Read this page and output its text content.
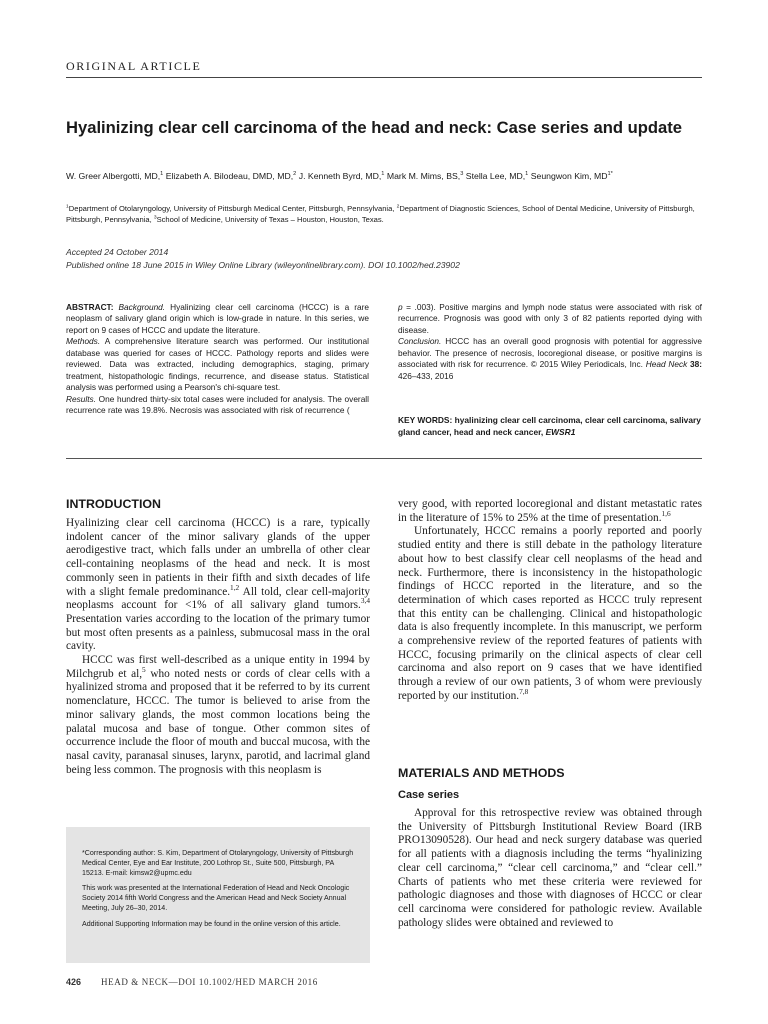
ORIGINAL ARTICLE
Hyalinizing clear cell carcinoma of the head and neck: Case series and update
W. Greer Albergotti, MD,$^1$ Elizabeth A. Bilodeau, DMD, MD,$^2$ J. Kenneth Byrd, MD,$^1$ Mark M. Mims, BS,$^3$ Stella Lee, MD,$^1$ Seungwon Kim, $MD^{1*}$
$^1$Department of Otolaryngology, University of Pittsburgh Medical Center, Pittsburgh, Pennsylvania, $^2$Department of Diagnostic Sciences, School of Dental Medicine, University of Pittsburgh, Pittsburgh, Pennsylvania, $^3$School of Medicine, University of Texas – Houston, Houston, Texas.
Accepted 24 October 2014
Published online 18 June 2015 in Wiley Online Library (wileyonlinelibrary.com). DOI 10.1002/hed.23902
ABSTRACT: Background. Hyalinizing clear cell carcinoma (HCCC) is a rare neoplasm of salivary gland origin which is low-grade in nature. In this series, we report on 9 cases of HCCC and update the literature.
Methods. A comprehensive literature search was performed. Our institutional database was queried for cases of HCCC. Pathology reports and slides were reviewed. Data was extracted, including demographics, staging, primary treatment, histopathologic findings, recurrence, and disease status. Statistical analysis was performed using a Pearson's chi-square test.
Results. One hundred thirty-six total cases were included for analysis. The overall recurrence rate was 19.8%. Necrosis was associated with risk of recurrence (
p = .003). Positive margins and lymph node status were associated with risk of recurrence. Prognosis was good with only 3 of 82 patients reported dying with disease.
Conclusion. HCCC has an overall good prognosis with potential for aggressive behavior. The presence of necrosis, locoregional disease, or positive margins is associated with risk for recurrence. © 2015 Wiley Periodicals, Inc. Head Neck 38: 426–433, 2016
KEY WORDS: hyalinizing clear cell carcinoma, clear cell carcinoma, salivary gland cancer, head and neck cancer, EWSR1
INTRODUCTION

Hyalinizing clear cell carcinoma (HCCC) is a rare, typically indolent cancer of the minor salivary glands of the upper aerodigestive tract, which falls under an umbrella of other clear cell-containing neoplasms of the head and neck. It is most commonly seen in patients in their fifth and sixth decades of life with a slight female predominance.$^{1,2}$ All told, clear cell-majority neoplasms account for <1% of all salivary gland tumors.$^{3,4}$ Presentation varies according to the location of the primary tumor but most often presents as a painless, submucosal mass in the oral cavity.

HCCC was first well-described as a unique entity in 1994 by Milchgrub et al,$^5$ who noted nests or cords of clear cells with a hyalinized stroma and proposed that it be referred to by its current nomenclature, HCCC. The tumor is believed to arise from the minor salivary glands, the most common locations being the palatal mucosa and base of tongue. Other common sites of occurrence include the floor of mouth and buccal mucosa, with the nasal cavity, paranasal sinuses, larynx, parotid, and lacrimal gland being less common. The prognosis with this neoplasm is

very good, with reported locoregional and distant metastatic rates in the literature of 15% to 25% at the time of presentation.$^{1,6}$

Unfortunately, HCCC remains a poorly reported and poorly studied entity and there is still debate in the pathology literature about how to best classify clear cell neoplasms of the head and neck. Furthermore, there is inconsistency in the histopathologic findings of HCCC reported in the literature, and so the determination of which cases reported as HCCC truly represent that this entity can be challenging. Clinical and histopathologic data is also frequently incomplete. In this manuscript, we perform a comprehensive review of the reported features of patients with HCCC, focusing primarily on the clinical aspects of clear cell carcinoma and also report on 9 cases that we have identified through a review of our own patients, 3 of whom were previously reported by our institution.$^{7,8}$

MATERIALS AND METHODS
Case series

Approval for this retrospective review was obtained through the University of Pittsburgh Institutional Review Board (IRB PRO13090528). Our head and neck surgery database was queried for all patients with a diagnosis including the terms “hyalinizing clear cell carcinoma,” “clear cell carcinoma,” and “clear cell.” Charts of patients who met these criteria were reviewed for pathologic diagnoses and those with diagnoses of HCCC or clear cell carcinoma were considered for pathologic review. Available pathology slides were obtained and reviewed to

*Corresponding author: S. Kim, Department of Otolaryngology, University of Pittsburgh Medical Center, Eye and Ear Institute, 200 Lothrop St., Suite 500, Pittsburgh, PA 15213. E-mail: kimsw2@upmc.edu

This work was presented at the International Federation of Head and Neck Oncologic Society 2014 fifth World Congress and the American Head and Neck Society Annual Meeting, July 26–30, 2014.

Additional Supporting Information may be found in the online version of this article.

426 HEAD & NECK—DOI 10.1002/HED MARCH 2016
